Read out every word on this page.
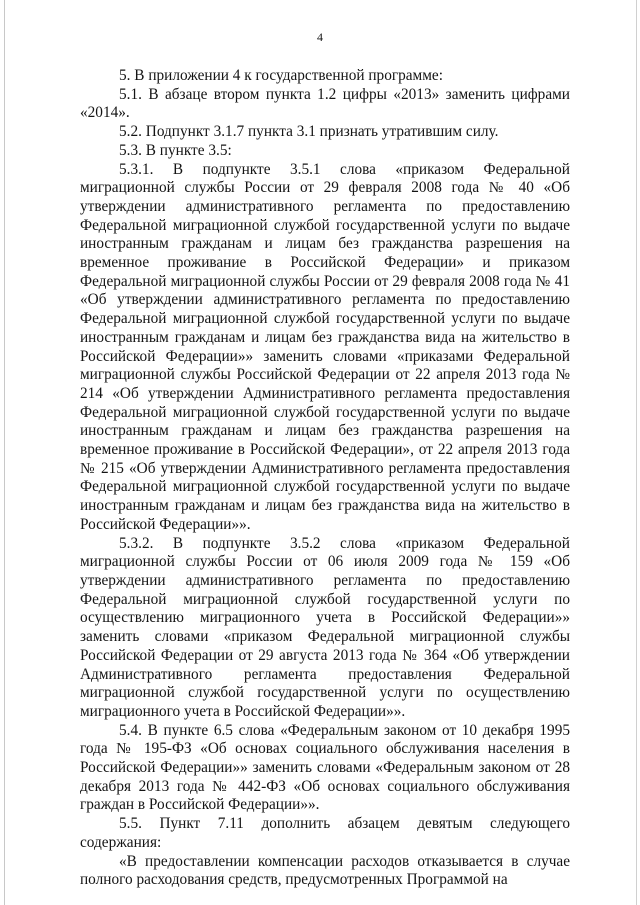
4

5. В приложении 4 к государственной программе:

5.1. В абзаце втором пункта 1.2 цифры «2013» заменить цифрами «2014».

5.2. Подпункт 3.1.7 пункта 3.1 признать утратившим силу.

5.3. В пункте 3.5:

5.3.1. В подпункте 3.5.1 слова «приказом Федеральной миграционной службы России от 29 февраля 2008 года № 40 «Об утверждении административного регламента по предоставлению Федеральной миграционной службой государственной услуги по выдаче иностранным гражданам и лицам без гражданства разрешения на временное проживание в Российской Федерации» и приказом Федеральной миграционной службы России от 29 февраля 2008 года № 41 «Об утверждении административного регламента по предоставлению Федеральной миграционной службой государственной услуги по выдаче иностранным гражданам и лицам без гражданства вида на жительство в Российской Федерации»» заменить словами «приказами Федеральной миграционной службы Российской Федерации от 22 апреля 2013 года № 214 «Об утверждении Административного регламента предоставления Федеральной миграционной службой государственной услуги по выдаче иностранным гражданам и лицам без гражданства разрешения на временное проживание в Российской Федерации», от 22 апреля 2013 года № 215 «Об утверждении Административного регламента предоставления Федеральной миграционной службой государственной услуги по выдаче иностранным гражданам и лицам без гражданства вида на жительство в Российской Федерации»».

5.3.2. В подпункте 3.5.2 слова «приказом Федеральной миграционной службы России от 06 июля 2009 года № 159 «Об утверждении административного регламента по предоставлению Федеральной миграционной службой государственной услуги по осуществлению миграционного учета в Российской Федерации»» заменить словами «приказом Федеральной миграционной службы Российской Федерации от 29 августа 2013 года № 364 «Об утверждении Административного регламента предоставления Федеральной миграционной службой государственной услуги по осуществлению миграционного учета в Российской Федерации»».

5.4. В пункте 6.5 слова «Федеральным законом от 10 декабря 1995 года № 195-ФЗ «Об основах социального обслуживания населения в Российской Федерации»» заменить словами «Федеральным законом от 28 декабря 2013 года № 442-ФЗ «Об основах социального обслуживания граждан в Российской Федерации»».

5.5. Пункт 7.11 дополнить абзацем девятым следующего содержания:

«В предоставлении компенсации расходов отказывается в случае полного расходования средств, предусмотренных Программой на
